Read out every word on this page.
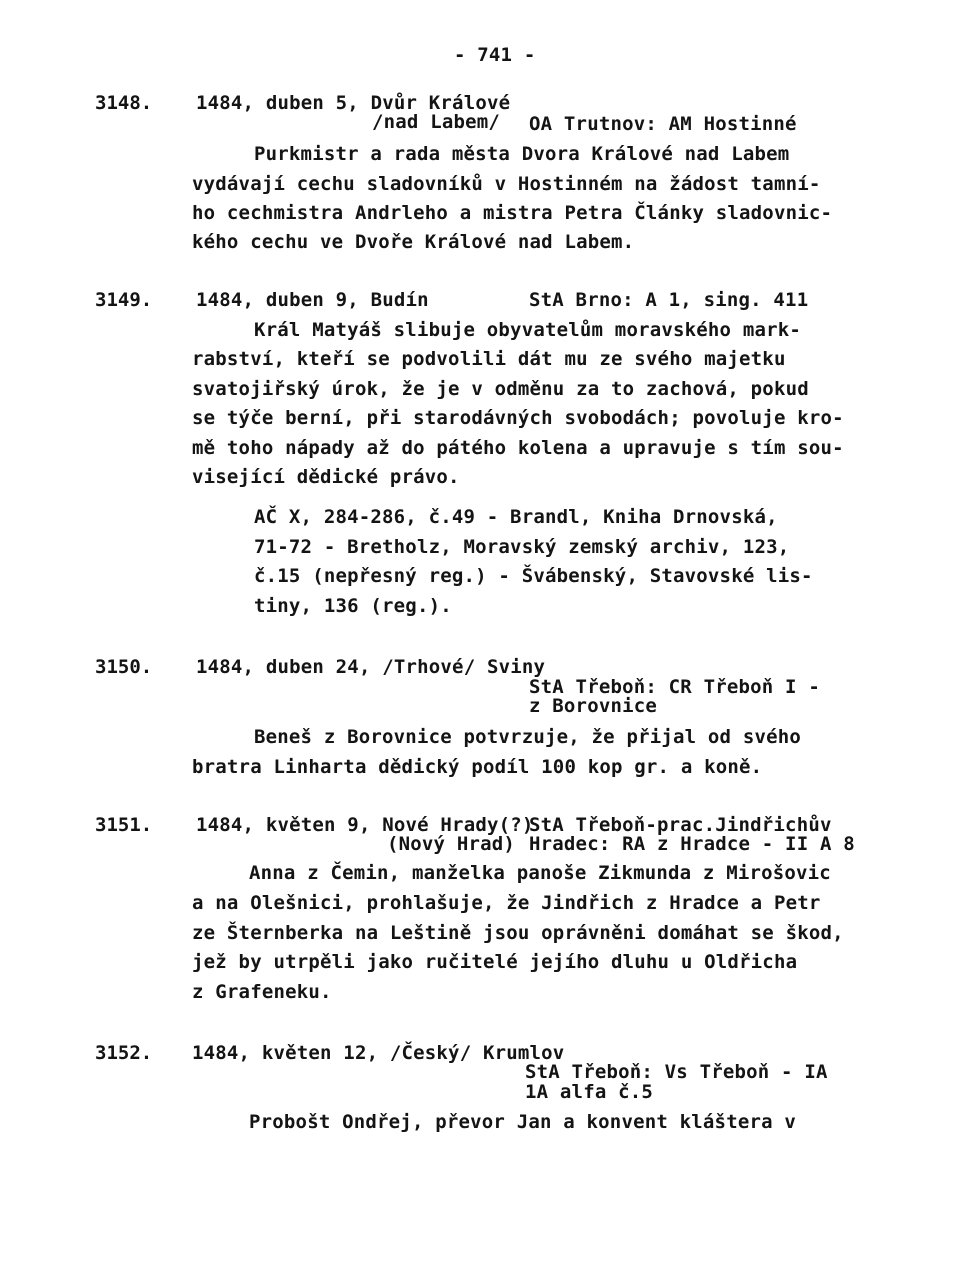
- 741 -
3148. 1484, duben 5, Dvůr Králové
/nad Labem/ OA Trutnov: AM Hostinné
Purkmistr a rada města Dvora Králové nad Labem
vydávají cechu sladovníků v Hostinném na žádost tamní-
ho cechmistra Andrleho a mistra Petra Články sladovnic-
kého cechu ve Dvoře Králové nad Labem.
3149. 1484, duben 9, Budín	StA Brno: A 1, sing. 411
Král Matyáš slibuje obyvatelům moravského mark-
rabství, kteří se podvolili dát mu ze svého majetku
svatojiřský úrok, že je v odměnu za to zachová, pokud
se týče berní, při starodávných svobodách; povoluje kro-
mě toho nápady až do pátého kolena a upravuje s tím sou-
visející dědické právo.
AČ X, 284-286, č.49 - Brandl, Kniha Drnovská,
71-72 - Bretholz, Moravský zemský archiv, 123,
č.15 (nepřesný reg.) - Švábenský, Stavovské lis-
tiny, 136 (reg.).
3150. 1484, duben 24, /Trhové/ Sviny
StA Třeboň: CR Třeboň I -
z Borovnice
Beneš z Borovnice potvrzuje, že přijal od svého
bratra Linharta dědický podíl 100 kop gr. a koně.
3151. 1484, květen 9, Nové Hrady(?)
(Nový Hrad)
StA Třeboň-prac.Jindřichův
Hradec: RA z Hradce - II A 8
Anna z Čemin, manželka panoše Zikmunda z Mirošovic
a na Olešnici, prohlašuje, že Jindřich z Hradce a Petr
ze Šternberka na Leštině jsou oprávněni domáhat se škod,
jež by utrpěli jako ručitelé jejího dluhu u Oldřicha
z Grafeneku.
3152. 1484, květen 12, /Český/ Krumlov
StA Třeboň: Vs Třeboň - IA
1A alfa č.5
Probošt Ondřej, převor Jan a konvent kláštera v
